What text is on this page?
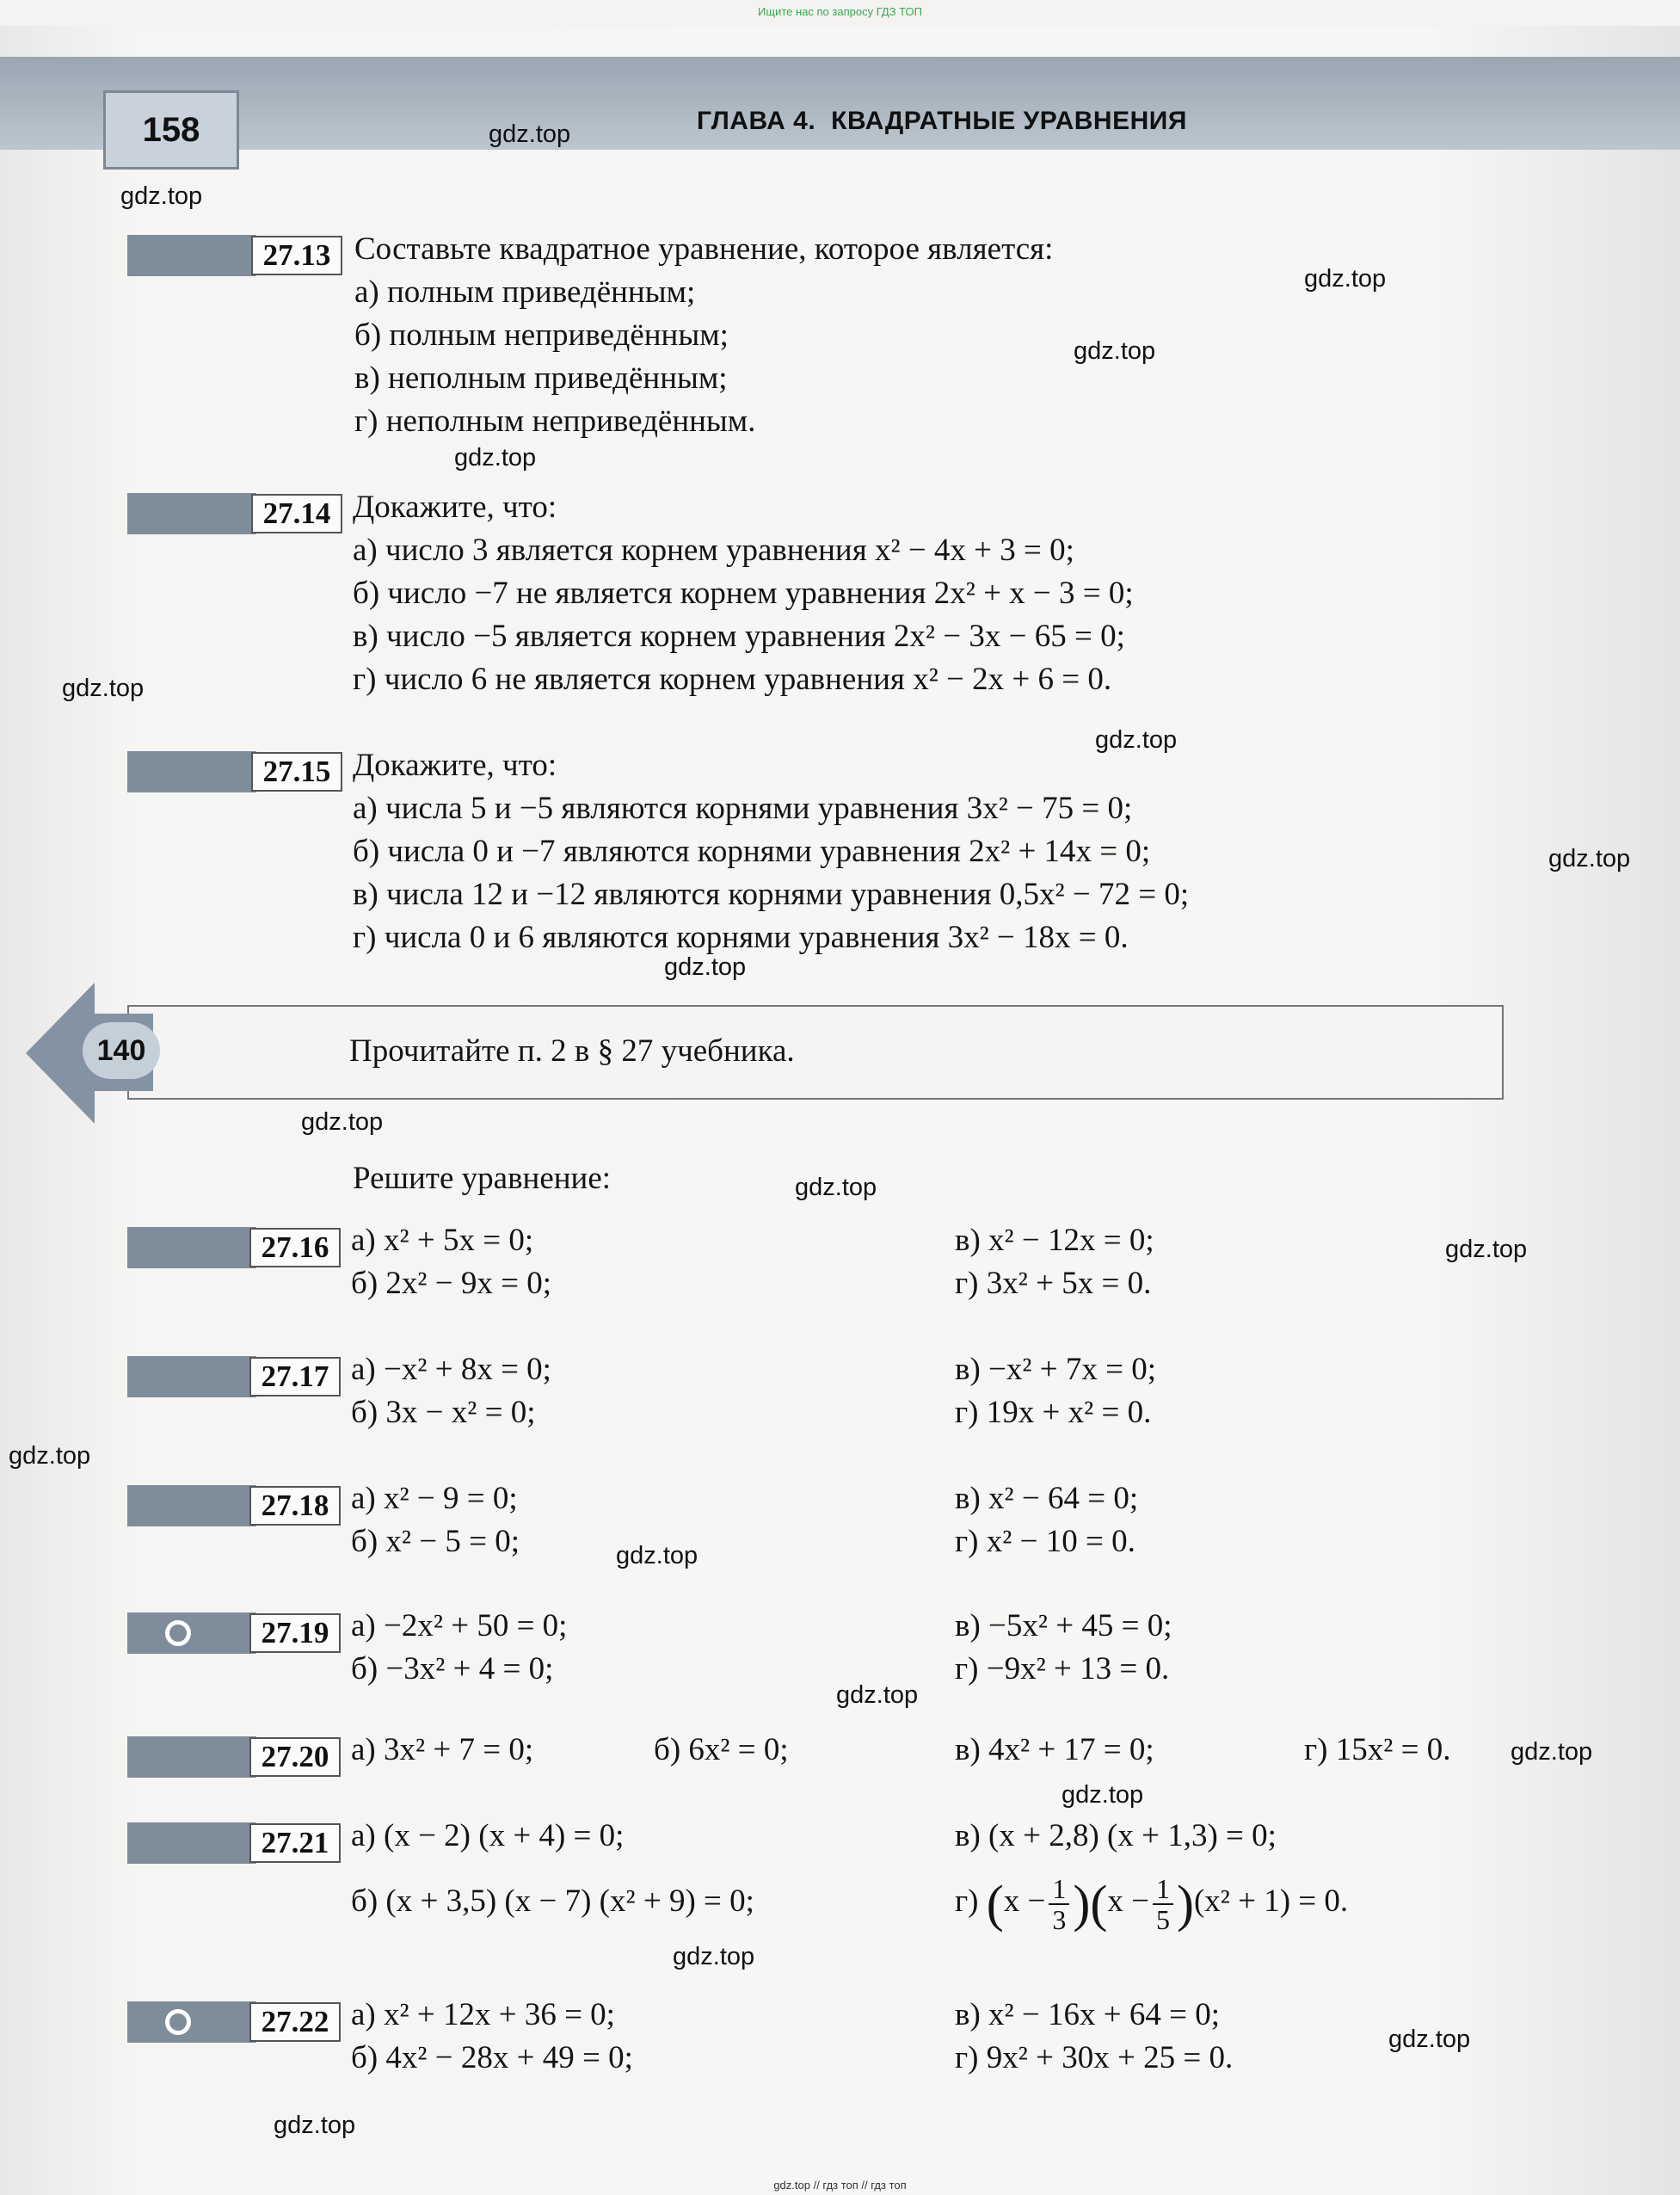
Ищите нас по запросу ГДЗ ТОП
158	ГЛАВА 4. КВАДРАТНЫЕ УРАВНЕНИЯ
gdz.top
gdz.top
gdz.top
gdz.top
gdz.top
gdz.top
gdz.top
gdz.top
gdz.top
gdz.top
gdz.top
gdz.top
gdz.top
gdz.top
gdz.top
gdz.top
gdz.top
gdz.top
gdz.top
gdz.top
27.13 Составьте квадратное уравнение, которое является:
а) полным приведённым;
б) полным неприведённым;
в) неполным приведённым;
г) неполным неприведённым.
27.14 Докажите, что:
а) число 3 является корнем уравнения x² − 4x + 3 = 0;
б) число −7 не является корнем уравнения 2x² + x − 3 = 0;
в) число −5 является корнем уравнения 2x² − 3x − 65 = 0;
г) число 6 не является корнем уравнения x² − 2x + 6 = 0.
27.15 Докажите, что:
а) числа 5 и −5 являются корнями уравнения 3x² − 75 = 0;
б) числа 0 и −7 являются корнями уравнения 2x² + 14x = 0;
в) числа 12 и −12 являются корнями уравнения 0,5x² − 72 = 0;
г) числа 0 и 6 являются корнями уравнения 3x² − 18x = 0.
140	Прочитайте п. 2 в § 27 учебника.
Решите уравнение:
27.16 а) x² + 5x = 0;
б) 2x² − 9x = 0;
в) x² − 12x = 0;
г) 3x² + 5x = 0.
27.17 а) −x² + 8x = 0;
б) 3x − x² = 0;
в) −x² + 7x = 0;
г) 19x + x² = 0.
27.18 а) x² − 9 = 0;
б) x² − 5 = 0;
в) x² − 64 = 0;
г) x² − 10 = 0.
27.19 а) −2x² + 50 = 0;
б) −3x² + 4 = 0;
в) −5x² + 45 = 0;
г) −9x² + 13 = 0.
27.20 а) 3x² + 7 = 0;	б) 6x² = 0;	в) 4x² + 17 = 0;	г) 15x² = 0.
27.21 а) (x − 2) (x + 4) = 0;
б) (x + 3,5) (x − 7) (x² + 9) = 0;
в) (x + 2,8) (x + 1,3) = 0;
г) $(x - \frac{1}{3} )(x - \frac{1}{5} )(x^2 + 1) = 0$.
27.22 а) x² + 12x + 36 = 0;
б) 4x² − 28x + 49 = 0;
в) x² − 16x + 64 = 0;
г) 9x² + 30x + 25 = 0.
gdz.top // гдз топ // гдз топ
